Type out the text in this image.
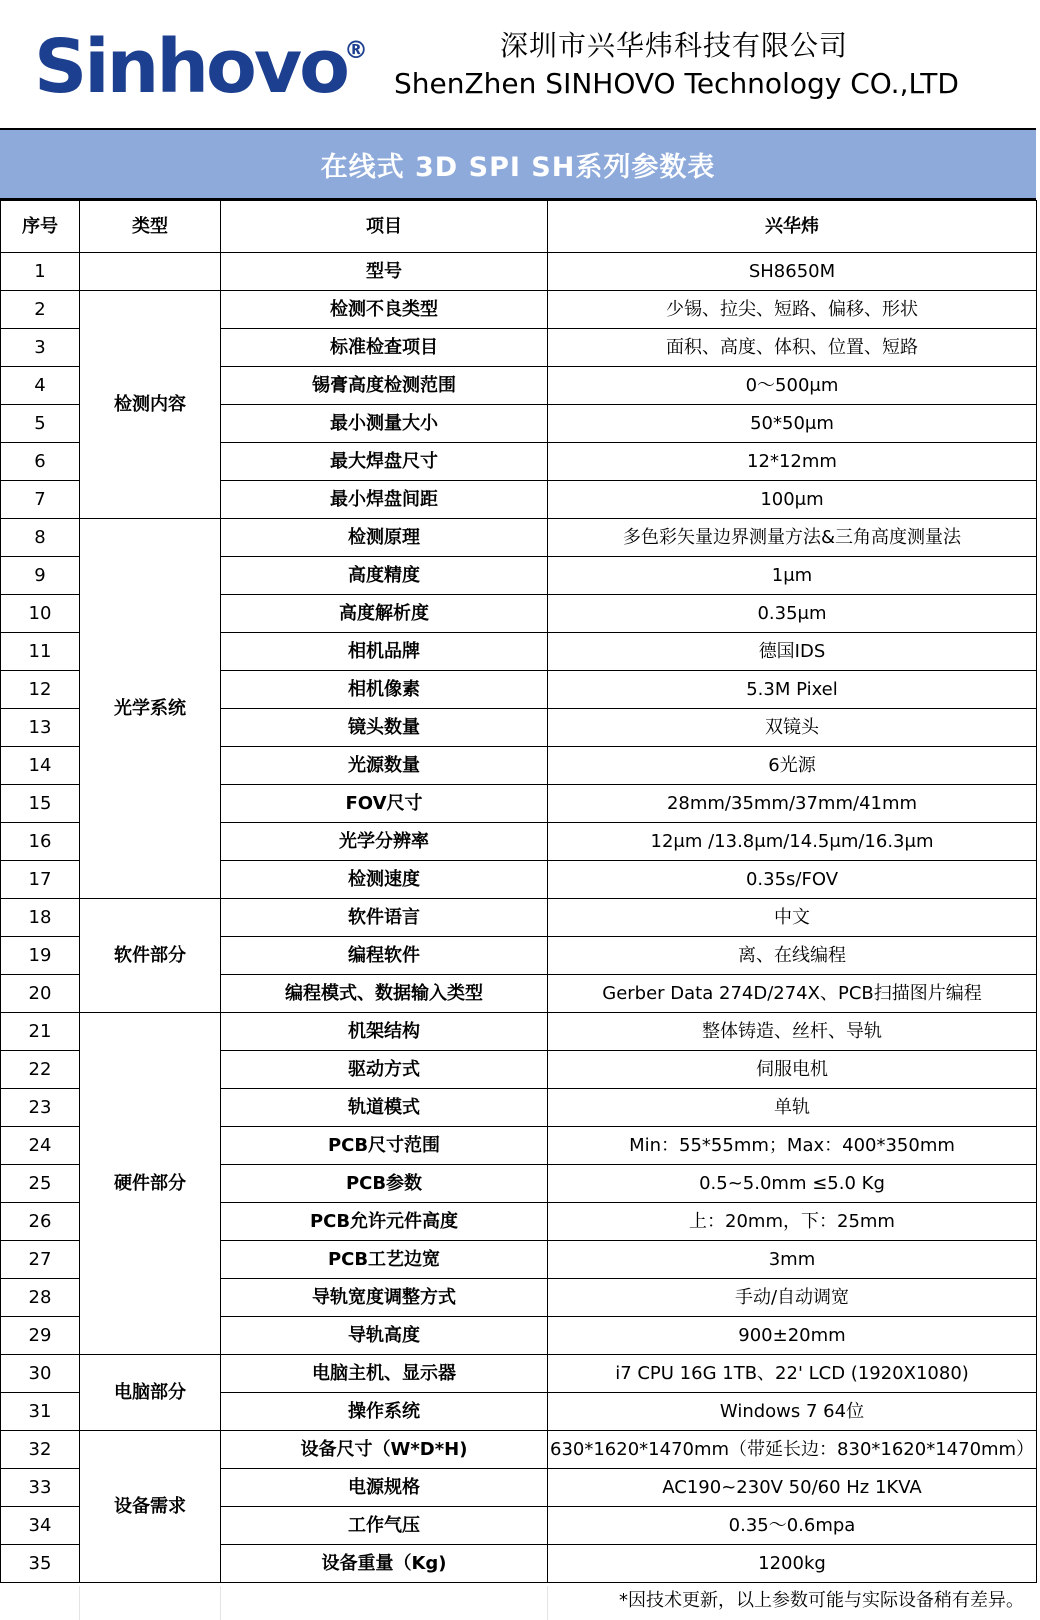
Sinhovo
®	深圳市兴华炜科技有限公司
ShenZhen SINHOVO Technology CO.,LTD
在线式 3D SPI SH系列参数表
序号	类型	项目	兴华炜
1		型号	SH8650M
2	检测内容	检测不良类型	少锡、拉尖、短路、偏移、形状
3		标准检查项目	面积、高度、体积、位置、短路
4		锡膏高度检测范围	0～500μm
5		最小测量大小	50*50μm
6		最大焊盘尺寸	12*12mm
7		最小焊盘间距	100μm
8	光学系统	检测原理	多色彩矢量边界测量方法&三角高度测量法
9		高度精度	1μm
10		高度解析度	0.35μm
11		相机品牌	德国IDS
12		相机像素	5.3M Pixel
13		镜头数量	双镜头
14		光源数量	6光源
15		FOV尺寸	28mm/35mm/37mm/41mm
16		光学分辨率	12μm /13.8μm/14.5μm/16.3μm
17		检测速度	0.35s/FOV
18	软件部分	软件语言	中文
19		编程软件	离、在线编程
20		编程模式、数据输入类型	Gerber Data 274D/274X、PCB扫描图片编程
21	硬件部分	机架结构	整体铸造、丝杆、导轨
22		驱动方式	伺服电机
23		轨道模式	单轨
24		PCB尺寸范围	Min：55*55mm；Max：400*350mm
25		PCB参数	0.5~5.0mm ≤5.0 Kg
26		PCB允许元件高度	上：20mm，下：25mm
27		PCB工艺边宽	3mm
28		导轨宽度调整方式	手动/自动调宽
29		导轨高度	900±20mm
30	电脑部分	电脑主机、显示器	i7 CPU 16G 1TB、22' LCD (1920X1080)
31		操作系统	Windows 7 64位
32	设备需求	设备尺寸（W*D*H)	630*1620*1470mm（带延长边：830*1620*1470mm）
33		电源规格	AC190~230V 50/60 Hz 1KVA
34		工作气压	0.35～0.6mpa
35		设备重量（Kg)	1200kg
*因技术更新，以上参数可能与实际设备稍有差异。
